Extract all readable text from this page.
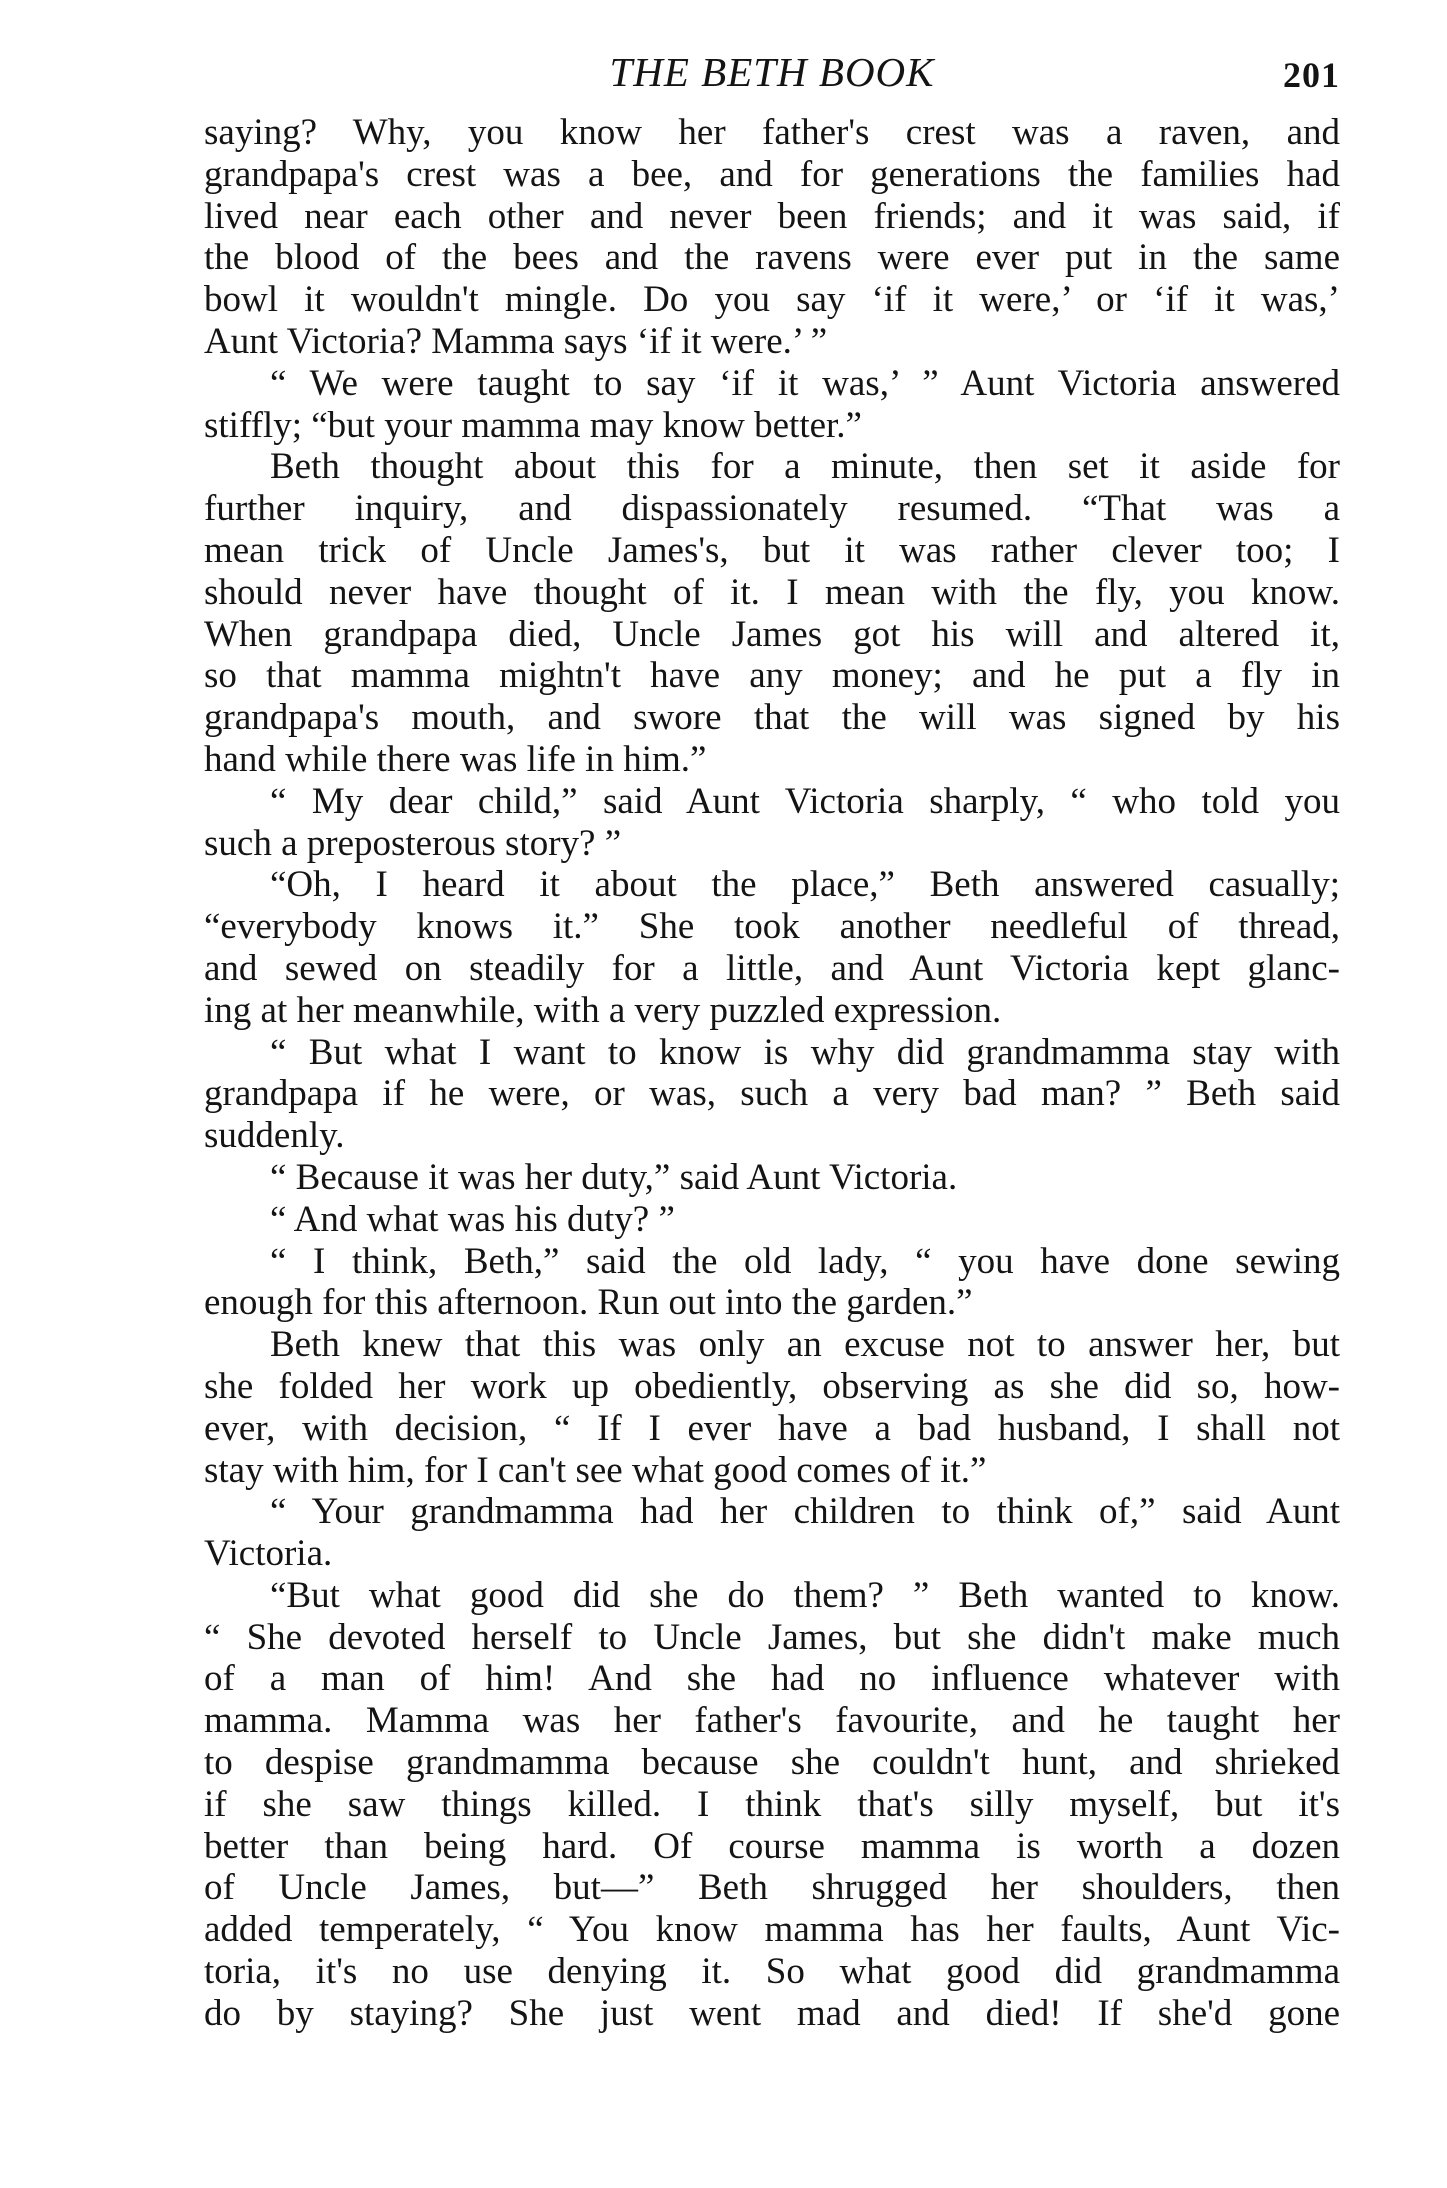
THE BETH BOOK	201
saying? Why, you know her father's crest was a raven, and
grandpapa's crest was a bee, and for generations the families had
lived near each other and never been friends; and it was said, if
the blood of the bees and the ravens were ever put in the same
bowl it wouldn't mingle. Do you say ‘if it were,’ or ‘if it was,’
Aunt Victoria? Mamma says ‘if it were.’ ”
“ We were taught to say ‘if it was,’ ” Aunt Victoria answered
stiffly; “but your mamma may know better.”
Beth thought about this for a minute, then set it aside for
further inquiry, and dispassionately resumed. “That was a
mean trick of Uncle James's, but it was rather clever too; I
should never have thought of it. I mean with the fly, you know.
When grandpapa died, Uncle James got his will and altered it,
so that mamma mightn't have any money; and he put a fly in
grandpapa's mouth, and swore that the will was signed by his
hand while there was life in him.”
“ My dear child,” said Aunt Victoria sharply, “ who told you
such a preposterous story? ”
“Oh, I heard it about the place,” Beth answered casually;
“everybody knows it.” She took another needleful of thread,
and sewed on steadily for a little, and Aunt Victoria kept glanc-
ing at her meanwhile, with a very puzzled expression.
“ But what I want to know is why did grandmamma stay with
grandpapa if he were, or was, such a very bad man? ” Beth said
suddenly.
“ Because it was her duty,” said Aunt Victoria.
“ And what was his duty? ”
“ I think, Beth,” said the old lady, “ you have done sewing
enough for this afternoon. Run out into the garden.”
Beth knew that this was only an excuse not to answer her, but
she folded her work up obediently, observing as she did so, how-
ever, with decision, “ If I ever have a bad husband, I shall not
stay with him, for I can't see what good comes of it.”
“ Your grandmamma had her children to think of,” said Aunt
Victoria.
“But what good did she do them? ” Beth wanted to know.
“ She devoted herself to Uncle James, but she didn't make much
of a man of him! And she had no influence whatever with
mamma. Mamma was her father's favourite, and he taught her
to despise grandmamma because she couldn't hunt, and shrieked
if she saw things killed. I think that's silly myself, but it's
better than being hard. Of course mamma is worth a dozen
of Uncle James, but—” Beth shrugged her shoulders, then
added temperately, “ You know mamma has her faults, Aunt Vic-
toria, it's no use denying it. So what good did grandmamma
do by staying? She just went mad and died! If she'd gone
